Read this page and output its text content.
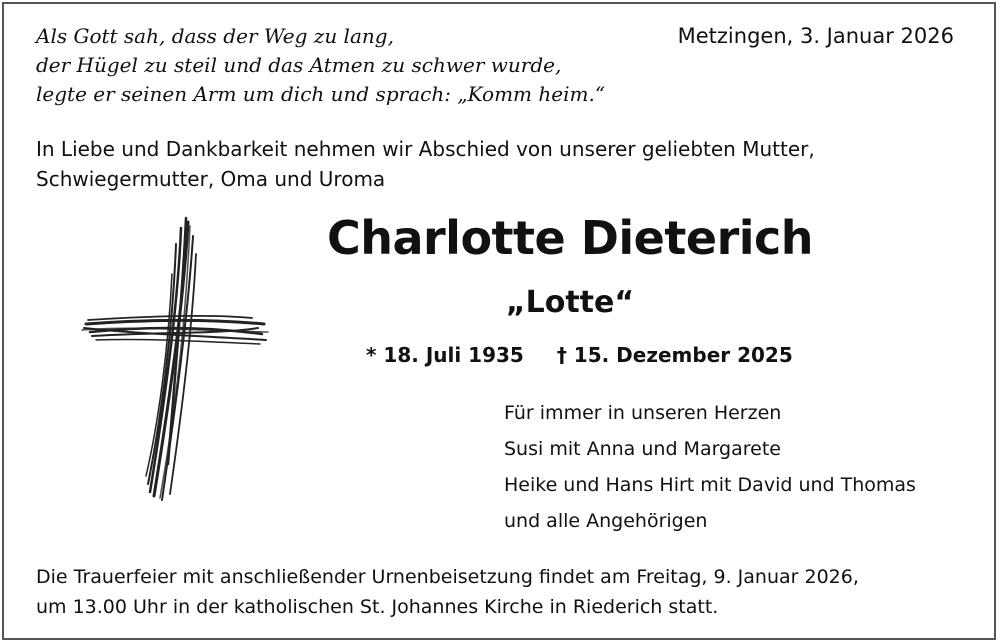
Als Gott sah, dass der Weg zu lang,
der Hügel zu steil und das Atmen zu schwer wurde,
legte er seinen Arm um dich und sprach: „Komm heim.“
Metzingen, 3. Januar 2026
In Liebe und Dankbarkeit nehmen wir Abschied von unserer geliebten Mutter,
Schwiegermutter, Oma und Uroma
Charlotte Dieterich
„Lotte“
* 18. Juli 1935 † 15. Dezember 2025
Für immer in unseren Herzen
Susi mit Anna und Margarete
Heike und Hans Hirt mit David und Thomas
und alle Angehörigen
Die Trauerfeier mit anschließender Urnenbeisetzung findet am Freitag, 9. Januar 2026,
um 13.00 Uhr in der katholischen St. Johannes Kirche in Riederich statt.
